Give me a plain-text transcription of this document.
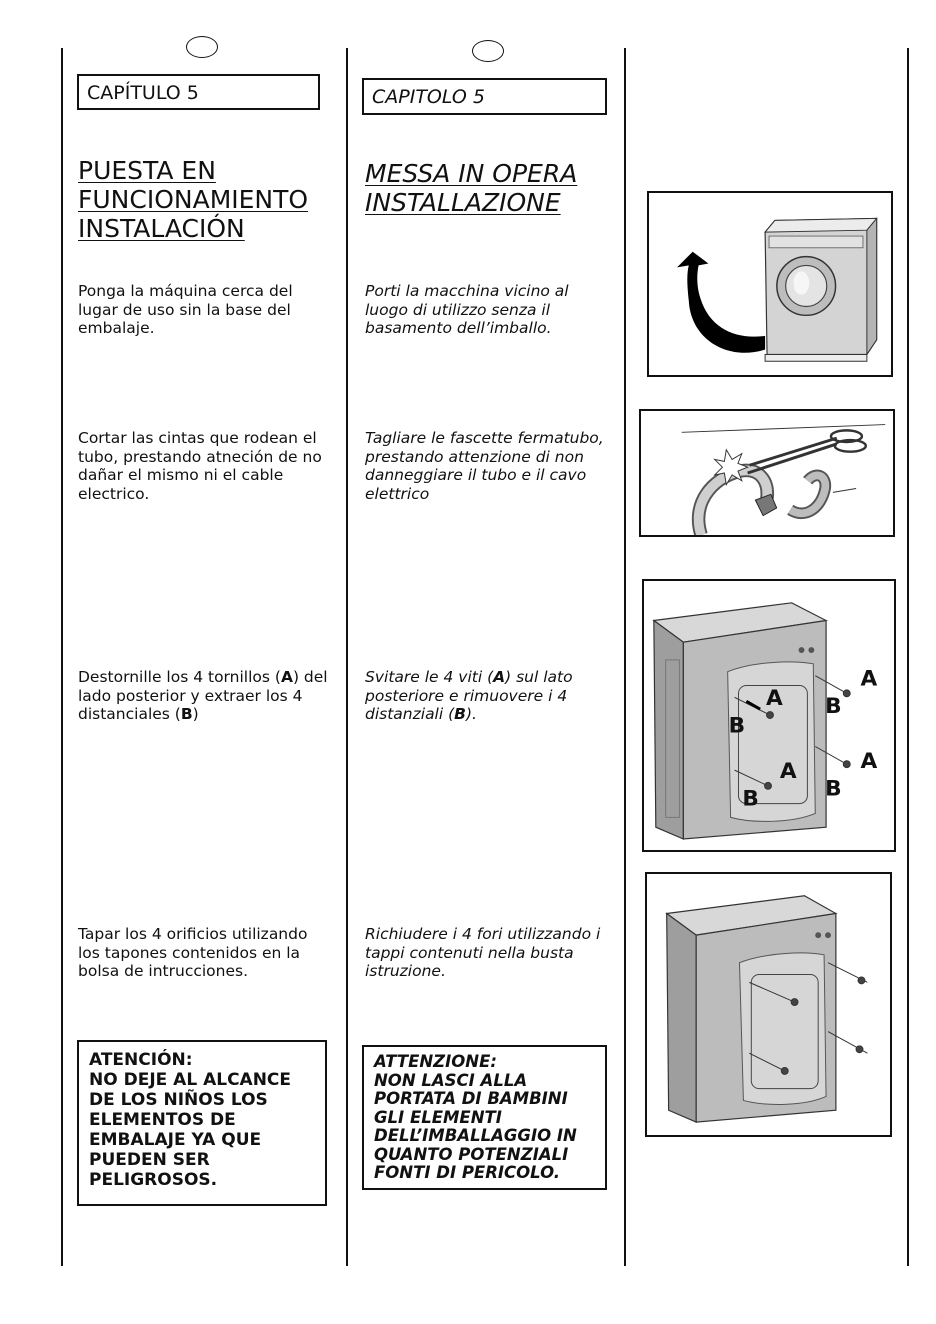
CAPÍTULO 5	CAPITOLO 5
PUESTA EN
FUNCIONAMIENTO
INSTALACIÓN
MESSA IN OPERA
INSTALLAZIONE

Ponga la máquina cerca del lugar de uso sin la base del embalaje.

Cortar las cintas que rodean el tubo, prestando atneción de no dañar el mismo ni el cable electrico.

Destornille los 4 tornillos (A) del lado posterior y extraer los 4 distanciales (B)

Tapar los 4 orificios utilizando los tapones contenidos en la bolsa de intrucciones.

Porti la macchina vicino al luogo di utilizzo senza il basamento dell’imballo.

Tagliare le fascette fermatubo, prestando attenzione di non danneggiare il tubo e il cavo elettrico

Svitare le 4 viti (A) sul lato posteriore e rimuovere i 4 distanziali (B).

Richiudere i 4 fori utilizzando i tappi contenuti nella busta istruzione.

ATENCIÓN:
NO DEJE AL ALCANCE
DE LOS NIÑOS LOS
ELEMENTOS DE
EMBALAJE YA QUE
PUEDEN SER
PELIGROSOS.
ATTENZIONE:
NON LASCI ALLA
PORTATA DI BAMBINI
GLI ELEMENTI
DELL’IMBALLAGGIO IN
QUANTO POTENZIALI
FONTI DI PERICOLO.
A
B
A
B
A
B
A
B
